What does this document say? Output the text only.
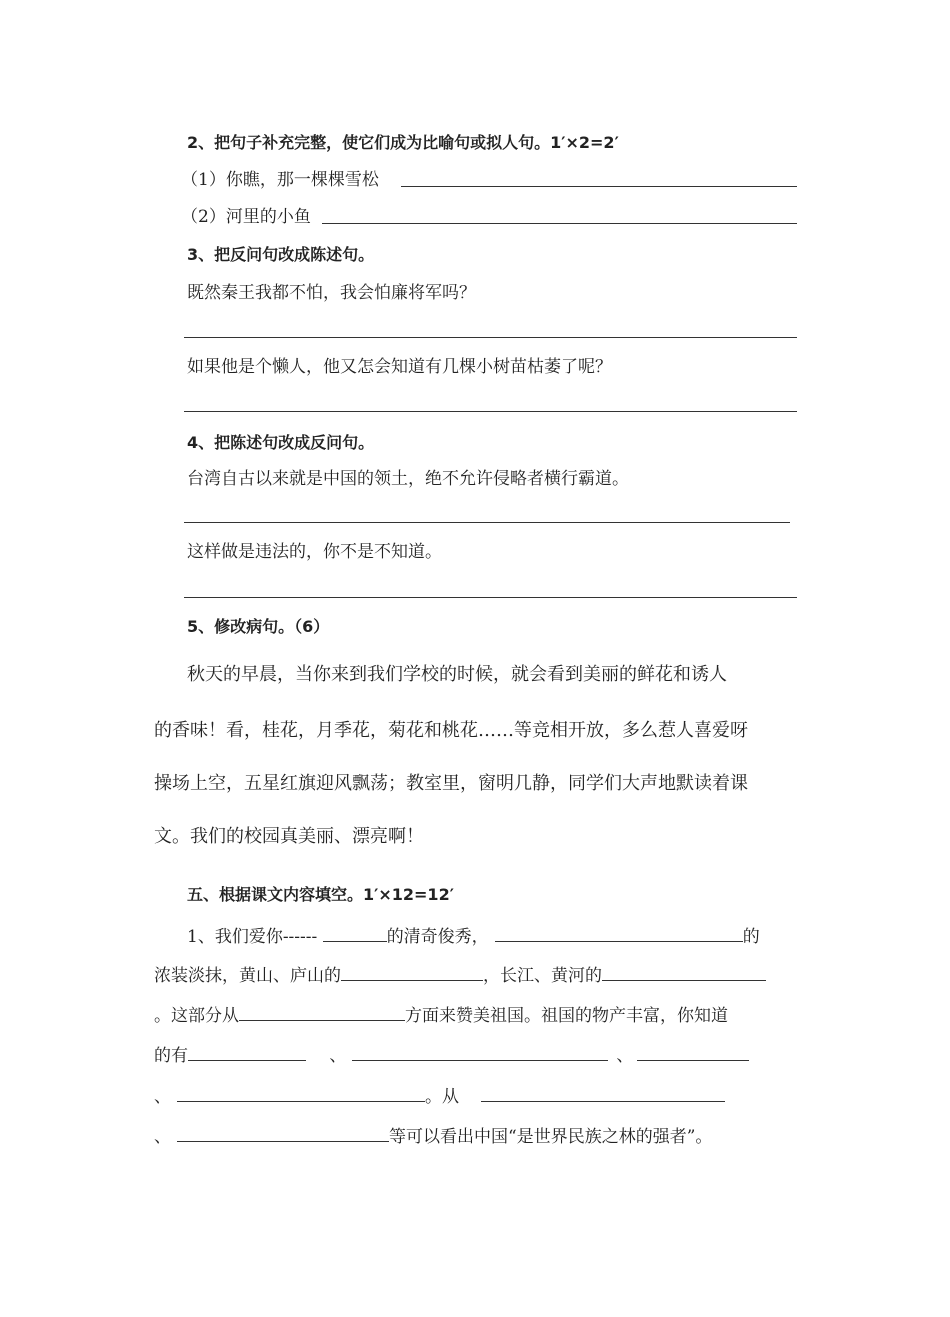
2、把句子补充完整，使它们成为比喻句或拟人句。1′×2=2′
（1）你瞧，那一棵棵雪松
（2）河里的小鱼
3、把反问句改成陈述句。
既然秦王我都不怕，我会怕廉将军吗？
如果他是个懒人，他又怎会知道有几棵小树苗枯萎了呢？
4、把陈述句改成反问句。
台湾自古以来就是中国的领土，绝不允许侵略者横行霸道。
这样做是违法的，你不是不知道。
5、修改病句。（6）
秋天的早晨，当你来到我们学校的时候，就会看到美丽的鲜花和诱人
的香味！看，桂花，月季花，菊花和桃花……等竞相开放，多么惹人喜爱呀
操场上空，五星红旗迎风飘荡；教室里，窗明几静，同学们大声地默读着课
文。我们的校园真美丽、漂亮啊！
五、根据课文内容填空。1′×12=12′
1、我们爱你------	的清奇俊秀，	的
浓装淡抹，黄山、庐山的	，长江、黄河的
。这部分从	方面来赞美祖国。祖国的物产丰富，你知道
的有	、	、
、	。从
、	等可以看出中国“是世界民族之林的强者”。
